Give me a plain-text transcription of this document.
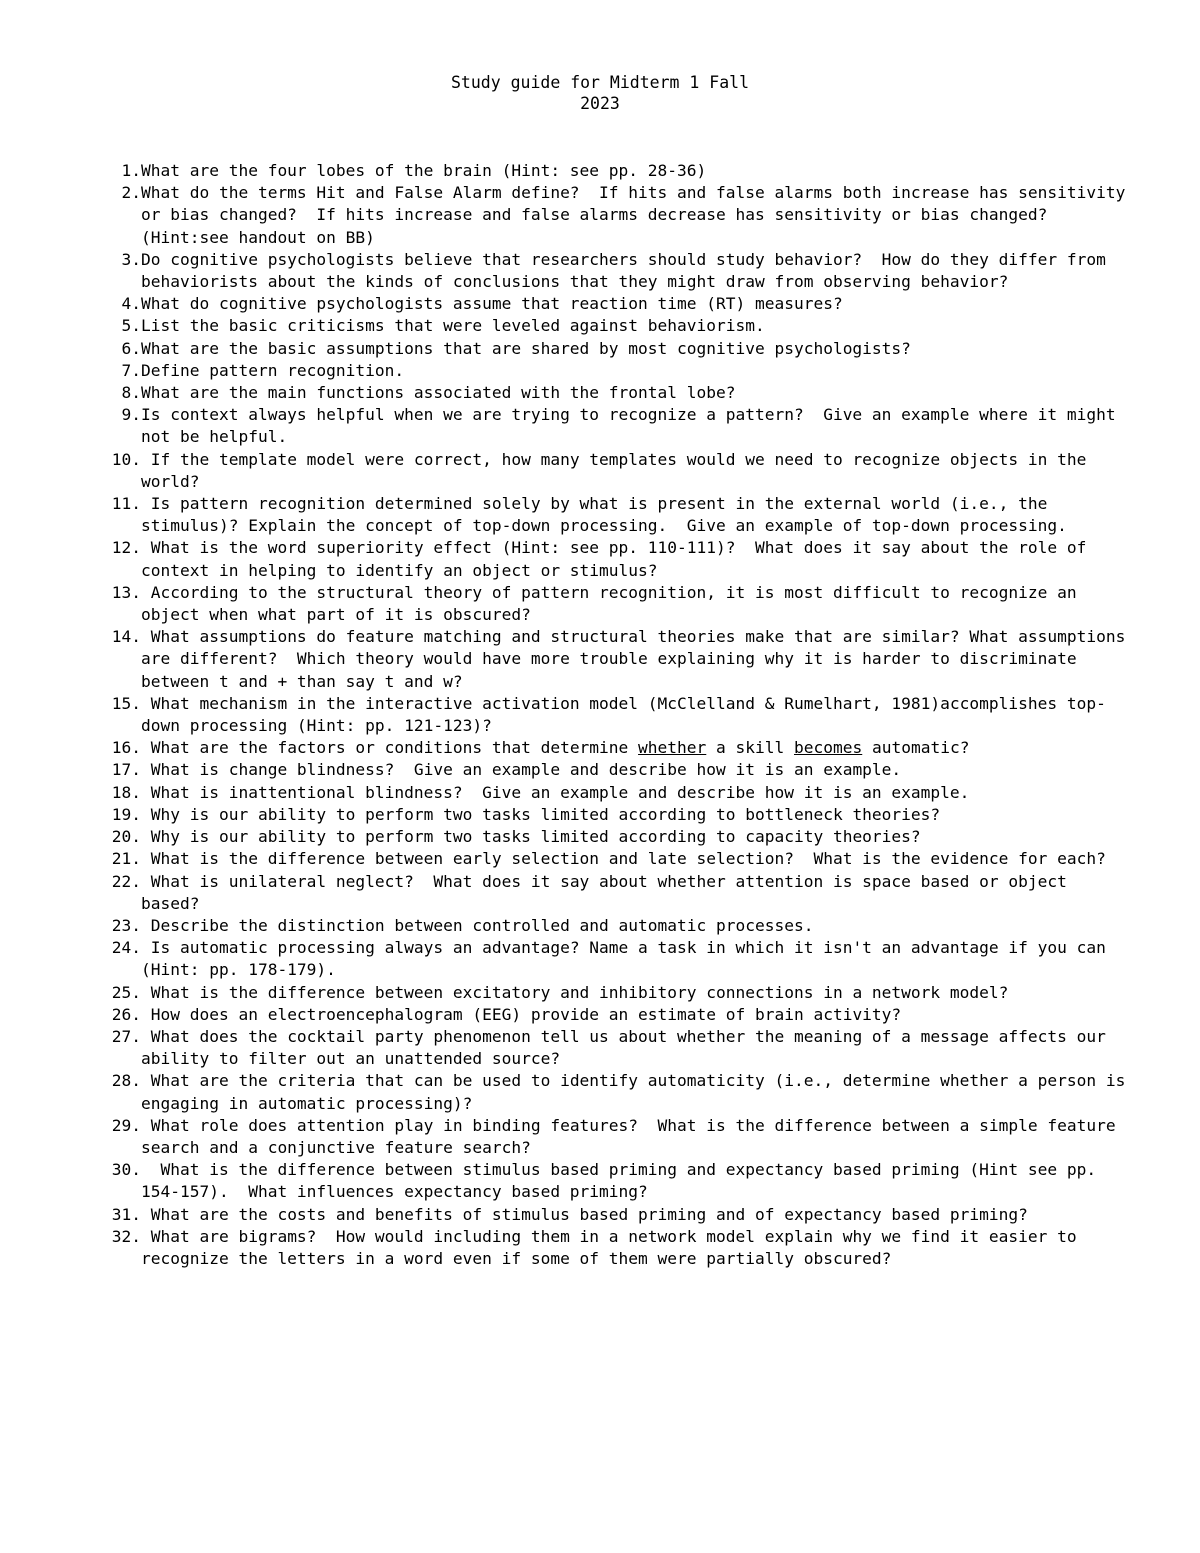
Study guide for Midterm 1 Fall
2023
1. What are the four lobes of the brain (Hint: see pp. 28-36)
2. What do the terms Hit and False Alarm define?  If hits and false alarms both increase has sensitivity or bias changed?  If hits increase and false alarms decrease has sensitivity or bias changed? (Hint:see handout on BB)
3. Do cognitive psychologists believe that researchers should study behavior?  How do they differ from behaviorists about the kinds of conclusions that they might draw from observing behavior?
4. What do cognitive psychologists assume that reaction time (RT) measures?
5. List the basic criticisms that were leveled against behaviorism.
6. What are the basic assumptions that are shared by most cognitive psychologists?
7. Define pattern recognition.
8. What are the main functions associated with the frontal lobe?
9. Is context always helpful when we are trying to recognize a pattern?  Give an example where it might not be helpful.
10. If the template model were correct, how many templates would we need to recognize objects in the world?
11. Is pattern recognition determined solely by what is present in the external world (i.e., the stimulus)? Explain the concept of top-down processing.  Give an example of top-down processing.
12. What is the word superiority effect (Hint: see pp. 110-111)?  What does it say about the role of context in helping to identify an object or stimulus?
13. According to the structural theory of pattern recognition, it is most difficult to recognize an object when what part of it is obscured?
14. What assumptions do feature matching and structural theories make that are similar? What assumptions are different?  Which theory would have more trouble explaining why it is harder to discriminate between t and + than say t and w?
15. What mechanism in the interactive activation model (McClelland & Rumelhart, 1981)accomplishes top-down processing (Hint: pp. 121-123)?
16. What are the factors or conditions that determine whether a skill becomes automatic?
17. What is change blindness?  Give an example and describe how it is an example.
18. What is inattentional blindness?  Give an example and describe how it is an example.
19. Why is our ability to perform two tasks limited according to bottleneck theories?
20. Why is our ability to perform two tasks limited according to capacity theories?
21. What is the difference between early selection and late selection?  What is the evidence for each?
22. What is unilateral neglect?  What does it say about whether attention is space based or object based?
23. Describe the distinction between controlled and automatic processes.
24. Is automatic processing always an advantage? Name a task in which it isn't an advantage if you can (Hint: pp. 178-179).
25. What is the difference between excitatory and inhibitory connections in a network model?
26. How does an electroencephalogram (EEG) provide an estimate of brain activity?
27. What does the cocktail party phenomenon tell us about whether the meaning of a message affects our ability to filter out an unattended source?
28. What are the criteria that can be used to identify automaticity (i.e., determine whether a person is engaging in automatic processing)?
29. What role does attention play in binding features?  What is the difference between a simple feature search and a conjunctive feature search?
30. What is the difference between stimulus based priming and expectancy based priming (Hint see pp. 154-157).  What influences expectancy based priming?
31. What are the costs and benefits of stimulus based priming and of expectancy based priming?
32. What are bigrams?  How would including them in a network model explain why we find it easier to recognize the letters in a word even if some of them were partially obscured?
